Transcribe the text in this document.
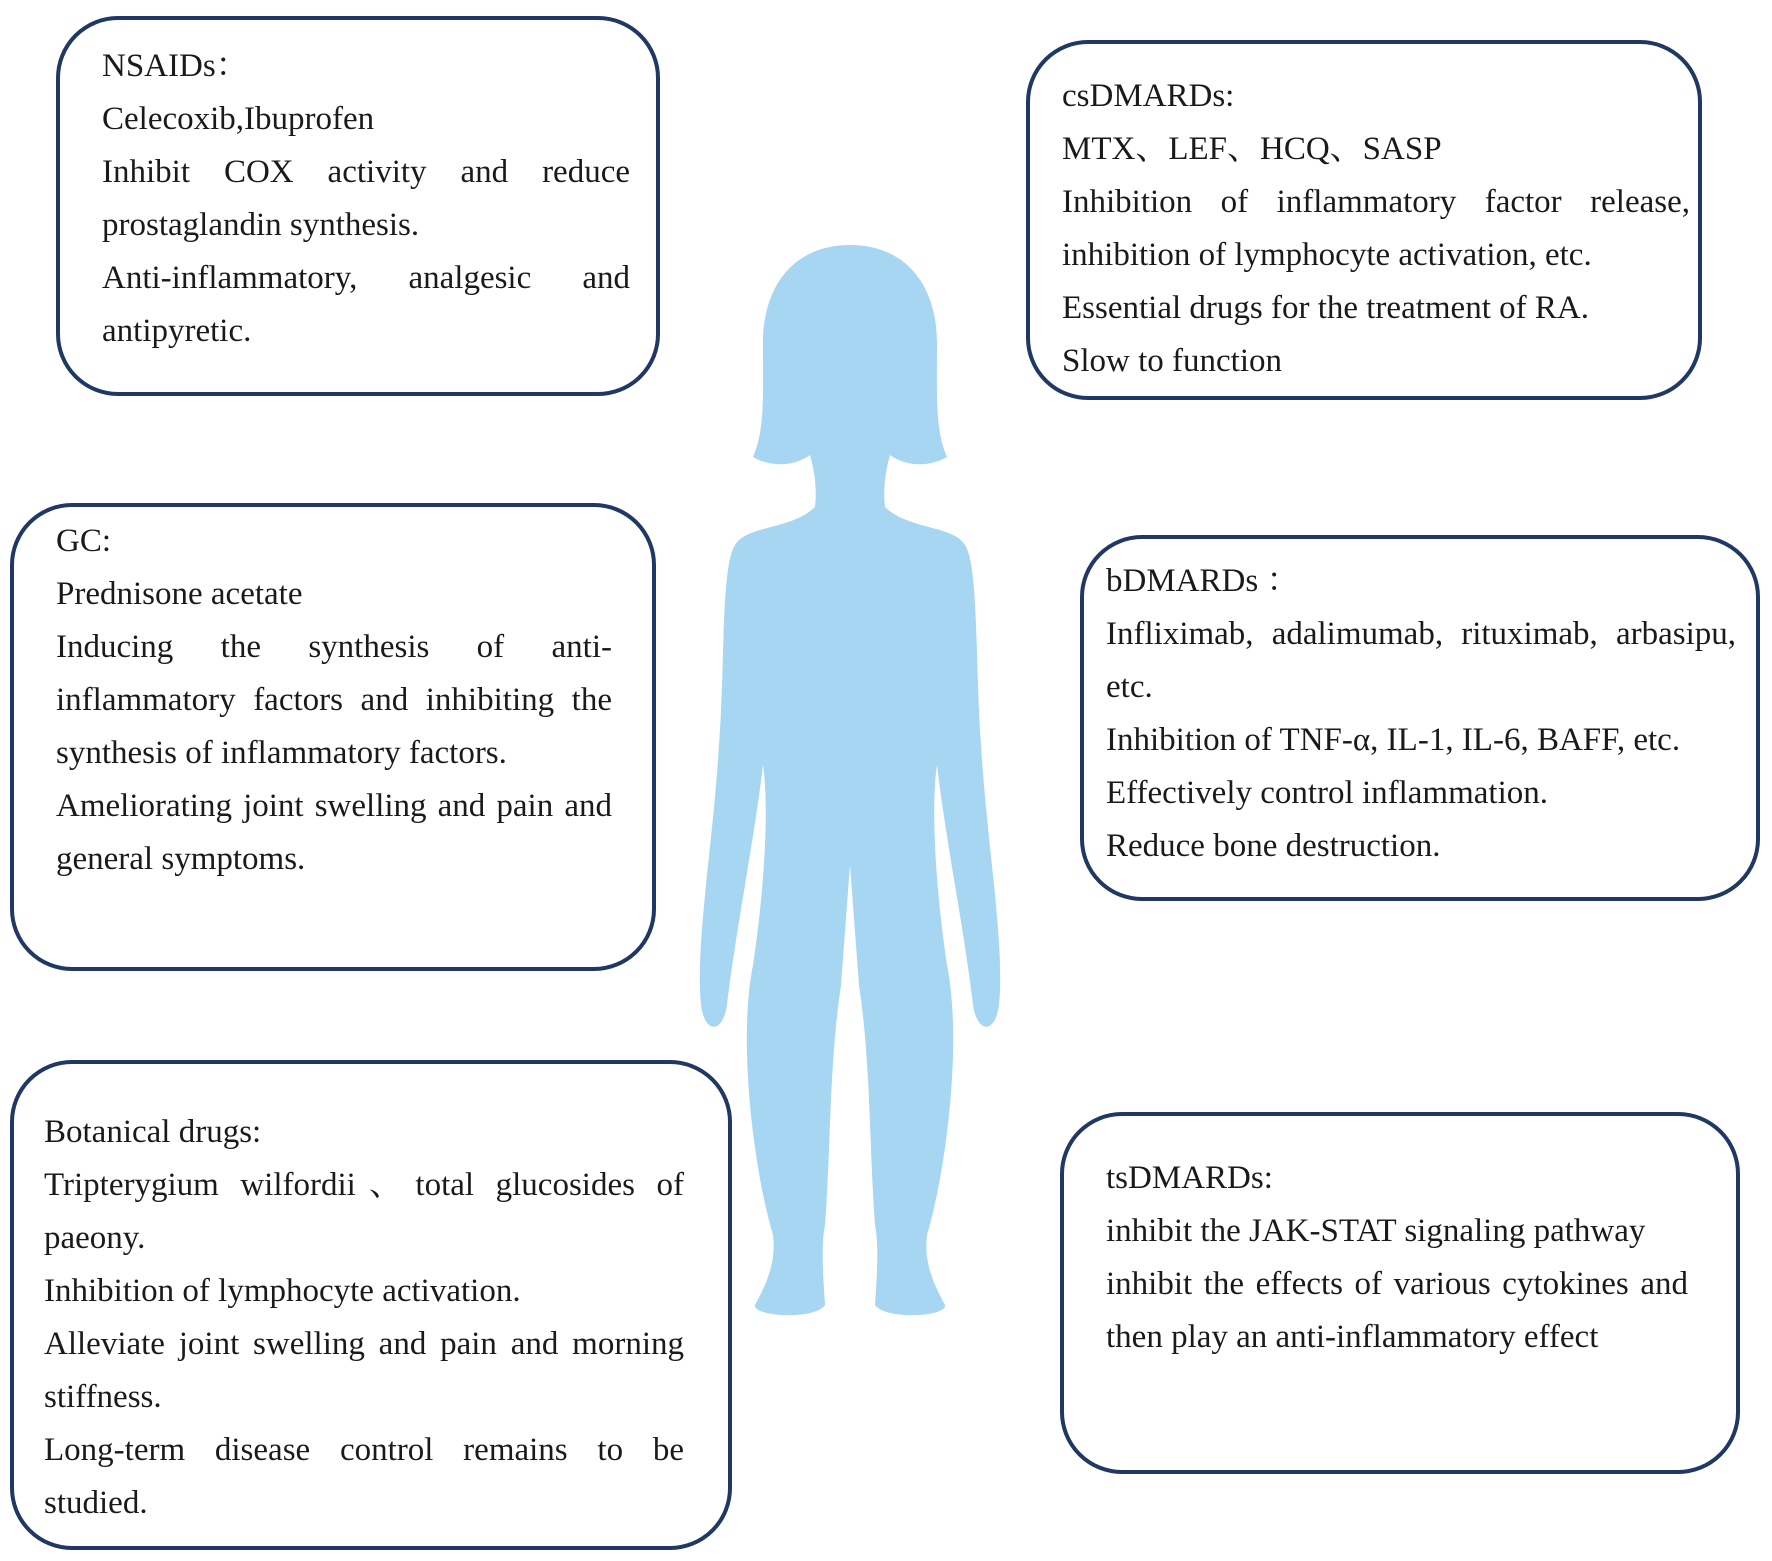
NSAIDs：

Celecoxib,Ibuprofen

Inhibit COX activity and reduce prostaglandin synthesis.

Anti-inflammatory, analgesic and antipyretic.

csDMARDs:

MTX、LEF、HCQ、SASP

Inhibition of inflammatory factor release, inhibition of lymphocyte activation, etc.

Essential drugs for the treatment of RA.

Slow to function

GC:

Prednisone acetate

Inducing the synthesis of anti-inflammatory factors and inhibiting the synthesis of inflammatory factors.

Ameliorating joint swelling and pain and general symptoms.

bDMARDs ：

Infliximab, adalimumab, rituximab, arbasipu, etc.

Inhibition of TNF-α, IL-1, IL-6, BAFF, etc.

Effectively control inflammation.

Reduce bone destruction.

Botanical drugs:

Tripterygium wilfordii、total glucosides of paeony.

Inhibition of lymphocyte activation.

Alleviate joint swelling and pain and morning stiffness.

Long-term disease control remains to be studied.

tsDMARDs:

inhibit the JAK-STAT signaling pathway

inhibit the effects of various cytokines and then play an anti-inflammatory effect
